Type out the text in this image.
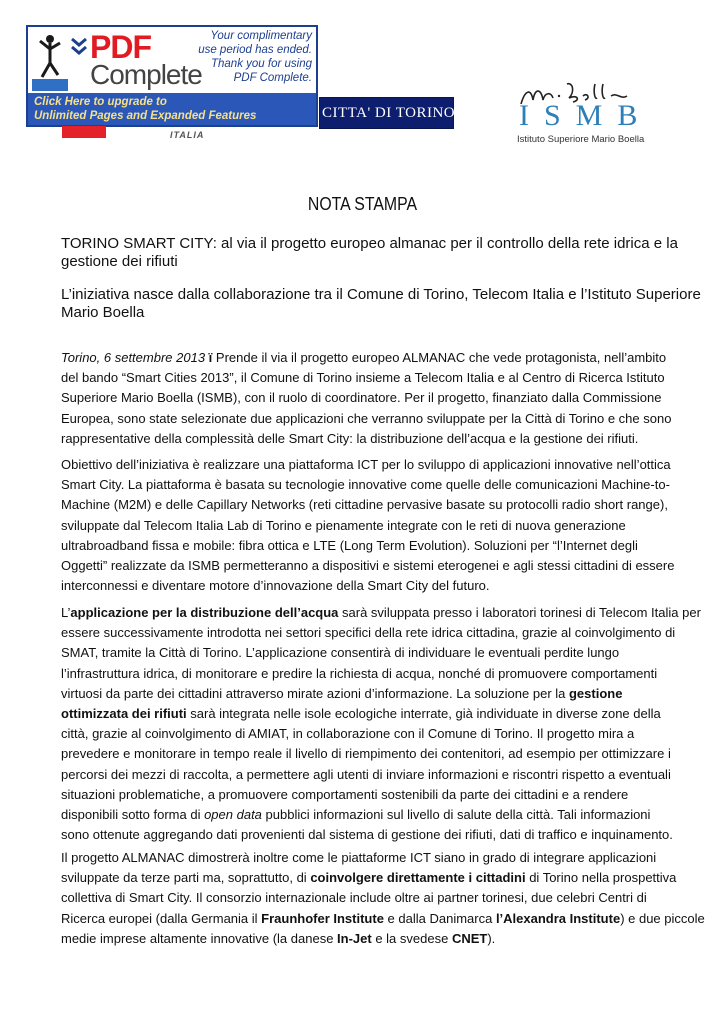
PDF
Complete
Your complimentary
use period has ended.
Thank you for using
PDF Complete.
Click Here to upgrade to
Unlimited Pages and Expanded Features
ITALIA
CITTA' DI TORINO ISMB
Istituto Superiore Mario Boella
NOTA STAMPA
TORINO SMART CITY: al via il progetto europeo almanac per il controllo della rete idrica e la gestione dei rifiuti
L’iniziativa nasce dalla collaborazione tra il Comune di Torino, Telecom Italia e l’Istituto Superiore Mario Boella
Torino, 6 settembre 2013 ï Prende il via il progetto europeo ALMANAC che vede protagonista, nell’ambito
del bando “Smart Cities 2013”, il Comune di Torino insieme a Telecom Italia e al Centro di Ricerca Istituto
Superiore Mario Boella (ISMB), con il ruolo di coordinatore. Per il progetto, finanziato dalla Commissione
Europea, sono state selezionate due applicazioni che verranno sviluppate per la Città di Torino e che sono
rappresentative della complessità delle Smart City: la distribuzione dell’acqua e la gestione dei rifiuti.
Obiettivo dell’iniziativa è realizzare una piattaforma ICT per lo sviluppo di applicazioni innovative nell’ottica
Smart City. La piattaforma è basata su tecnologie innovative come quelle delle comunicazioni Machine-to-
Machine (M2M) e delle Capillary Networks (reti cittadine pervasive basate su protocolli radio short range),
sviluppate dal Telecom Italia Lab di Torino e pienamente integrate con le reti di nuova generazione
ultrabroadband fissa e mobile: fibra ottica e LTE (Long Term Evolution). Soluzioni per “l’Internet degli
Oggetti” realizzate da ISMB permetteranno a dispositivi e sistemi eterogenei e agli stessi cittadini di essere
interconnessi e diventare motore d’innovazione della Smart City del futuro.
L’applicazione per la distribuzione dell’acqua sarà sviluppata presso i laboratori torinesi di Telecom Italia per
essere successivamente introdotta nei settori specifici della rete idrica cittadina, grazie al coinvolgimento di
SMAT, tramite la Città di Torino. L’applicazione consentirà di individuare le eventuali perdite lungo
l’infrastruttura idrica, di monitorare e predire la richiesta di acqua, nonché di promuovere comportamenti
virtuosi da parte dei cittadini attraverso mirate azioni d’informazione. La soluzione per la gestione
ottimizzata dei rifiuti sarà integrata nelle isole ecologiche interrate, già individuate in diverse zone della
città, grazie al coinvolgimento di AMIAT, in collaborazione con il Comune di Torino. Il progetto mira a
prevedere e monitorare in tempo reale il livello di riempimento dei contenitori, ad esempio per ottimizzare i
percorsi dei mezzi di raccolta, a permettere agli utenti di inviare informazioni e riscontri rispetto a eventuali
situazioni problematiche, a promuovere comportamenti sostenibili da parte dei cittadini e a rendere
disponibili sotto forma di open data pubblici informazioni sul livello di salute della città. Tali informazioni
sono ottenute aggregando dati provenienti dal sistema di gestione dei rifiuti, dati di traffico e inquinamento.
Il progetto ALMANAC dimostrerà inoltre come le piattaforme ICT siano in grado di integrare applicazioni
sviluppate da terze parti ma, soprattutto, di coinvolgere direttamente i cittadini di Torino nella prospettiva
collettiva di Smart City. Il consorzio internazionale include oltre ai partner torinesi, due celebri Centri di
Ricerca europei (dalla Germania il Fraunhofer Institute e dalla Danimarca l’Alexandra Institute) e due piccole
medie imprese altamente innovative (la danese In-Jet e la svedese CNET).
